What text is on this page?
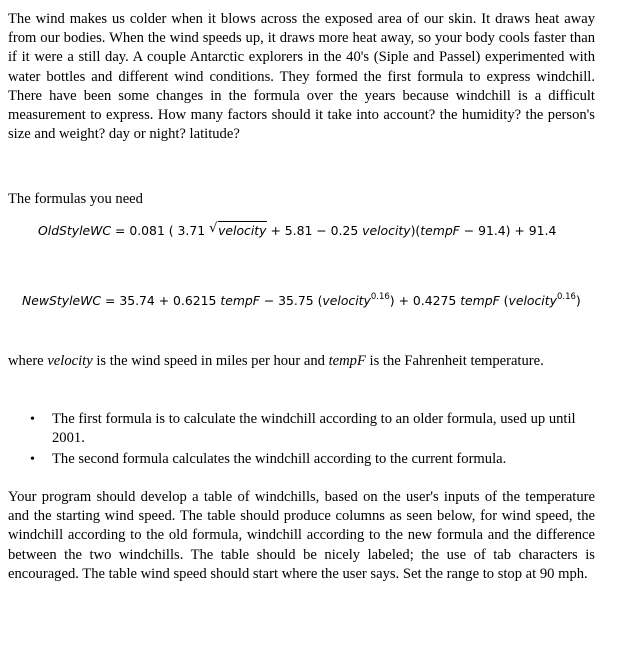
The wind makes us colder when it blows across the exposed area of our skin. It draws heat away from our bodies. When the wind speeds up, it draws more heat away, so your body cools faster than if it were a still day. A couple Antarctic explorers in the 40's (Siple and Passel) experimented with water bottles and different wind conditions. They formed the first formula to express windchill. There have been some changes in the formula over the years because windchill is a difficult measurement to express. How many factors should it take into account? the humidity? the person's size and weight? day or night? latitude?

The formulas you need

OldStyleWC = 0.081 ( 3.71 √ velocity + 5.81 − 0.25 velocity)(tempF − 91.4) + 91.4
NewStyleWC = 35.74 + 0.6215 tempF − 35.75 (velocity$^{0.16}$) + 0.4275 tempF (velocity$^{0.16}$)

where velocity is the wind speed in miles per hour and tempF is the Fahrenheit temperature.

• The first formula is to calculate the windchill according to an older formula, used up until 2001.
• The second formula calculates the windchill according to the current formula.

Your program should develop a table of windchills, based on the user's inputs of the temperature and the starting wind speed. The table should produce columns as seen below, for wind speed, the windchill according to the old formula, windchill according to the new formula and the difference between the two windchills. The table should be nicely labeled; the use of tab characters is encouraged. The table wind speed should start where the user says. Set the range to stop at 90 mph.
